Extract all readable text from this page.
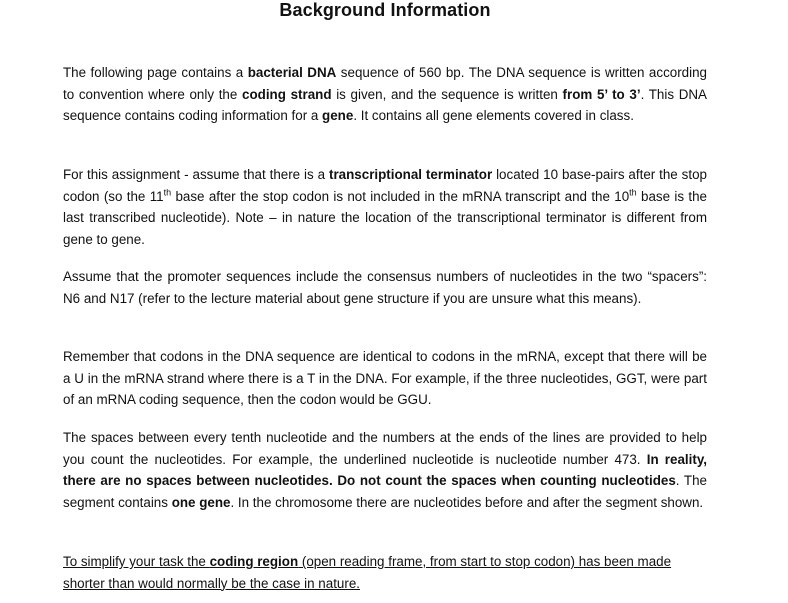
Background Information

The following page contains a bacterial DNA sequence of 560 bp. The DNA sequence is written according to convention where only the coding strand is given, and the sequence is written from 5’ to 3’. This DNA sequence contains coding information for a gene. It contains all gene elements covered in class.

For this assignment - assume that there is a transcriptional terminator located 10 base-pairs after the stop codon (so the 11th base after the stop codon is not included in the mRNA transcript and the 10th base is the last transcribed nucleotide). Note – in nature the location of the transcriptional terminator is different from gene to gene.

Assume that the promoter sequences include the consensus numbers of nucleotides in the two “spacers”: N6 and N17 (refer to the lecture material about gene structure if you are unsure what this means).

Remember that codons in the DNA sequence are identical to codons in the mRNA, except that there will be a U in the mRNA strand where there is a T in the DNA. For example, if the three nucleotides, GGT, were part of an mRNA coding sequence, then the codon would be GGU.

The spaces between every tenth nucleotide and the numbers at the ends of the lines are provided to help you count the nucleotides. For example, the underlined nucleotide is nucleotide number 473. In reality, there are no spaces between nucleotides. Do not count the spaces when counting nucleotides. The segment contains one gene. In the chromosome there are nucleotides before and after the segment shown.

To simplify your task the coding region (open reading frame, from start to stop codon) has been made shorter than would normally be the case in nature.
